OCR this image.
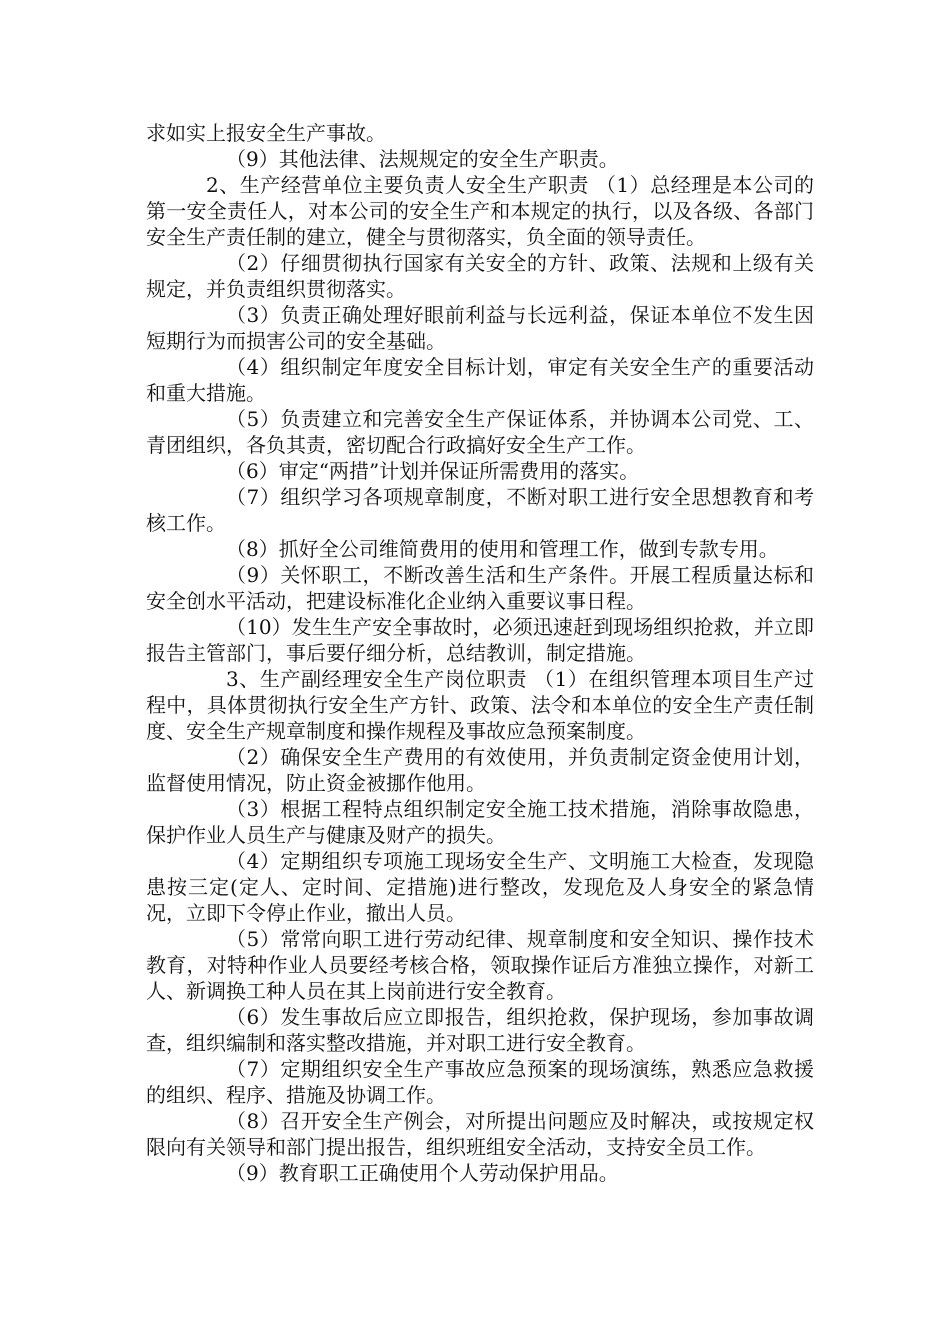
求如实上报安全生产事故。

（9）其他法律、法规规定的安全生产职责。

2、生产经营单位主要负责人安全生产职责 （1）总经理是本公司的第一安全责任人，对本公司的安全生产和本规定的执行，以及各级、各部门安全生产责任制的建立，健全与贯彻落实，负全面的领导责任。

（2）仔细贯彻执行国家有关安全的方针、政策、法规和上级有关规定，并负责组织贯彻落实。

（3）负责正确处理好眼前利益与长远利益，保证本单位不发生因短期行为而损害公司的安全基础。

（4）组织制定年度安全目标计划，审定有关安全生产的重要活动和重大措施。

（5）负责建立和完善安全生产保证体系，并协调本公司党、工、青团组织，各负其责，密切配合行政搞好安全生产工作。

（6）审定“两措”计划并保证所需费用的落实。

（7）组织学习各项规章制度，不断对职工进行安全思想教育和考核工作。

（8）抓好全公司维简费用的使用和管理工作，做到专款专用。

（9）关怀职工，不断改善生活和生产条件。开展工程质量达标和安全创水平活动，把建设标准化企业纳入重要议事日程。

（10）发生生产安全事故时，必须迅速赶到现场组织抢救，并立即报告主管部门，事后要仔细分析，总结教训，制定措施。

3、生产副经理安全生产岗位职责 （1）在组织管理本项目生产过程中，具体贯彻执行安全生产方针、政策、法令和本单位的安全生产责任制度、安全生产规章制度和操作规程及事故应急预案制度。

（2）确保安全生产费用的有效使用，并负责制定资金使用计划，监督使用情况，防止资金被挪作他用。

（3）根据工程特点组织制定安全施工技术措施，消除事故隐患，保护作业人员生产与健康及财产的损失。

（4）定期组织专项施工现场安全生产、文明施工大检查，发现隐患按三定(定人、定时间、定措施)进行整改，发现危及人身安全的紧急情况，立即下令停止作业，撤出人员。

（5）常常向职工进行劳动纪律、规章制度和安全知识、操作技术教育，对特种作业人员要经考核合格，领取操作证后方准独立操作，对新工人、新调换工种人员在其上岗前进行安全教育。

（6）发生事故后应立即报告，组织抢救，保护现场，参加事故调查，组织编制和落实整改措施，并对职工进行安全教育。

（7）定期组织安全生产事故应急预案的现场演练，熟悉应急救援的组织、程序、措施及协调工作。

（8）召开安全生产例会，对所提出问题应及时解决，或按规定权限向有关领导和部门提出报告，组织班组安全活动，支持安全员工作。

（9）教育职工正确使用个人劳动保护用品。
